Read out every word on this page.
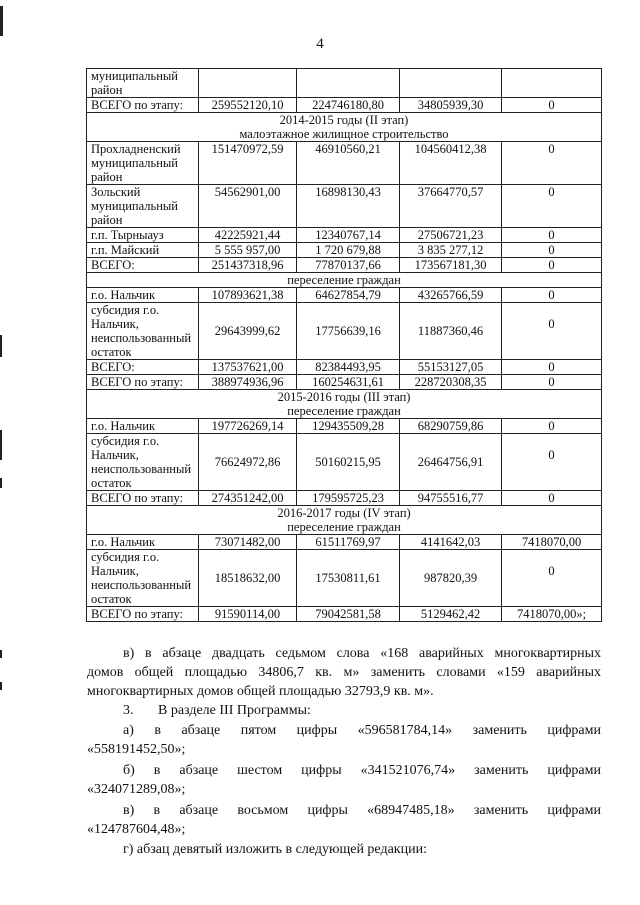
4
муниципальный район				
ВСЕГО по этапу:	259552120,10	224746180,80	34805939,30	0

2014-2015 годы (II этап)
малоэтажное жилищное строительство				

Прохладненский муниципальный район	151470972,59	46910560,21	104560412,38	0
Зольский муниципальный район	54562901,00	16898130,43	37664770,57	0
г.п. Тырныауз	42225921,44	12340767,14	27506721,23	0
г.п. Майский	5 555 957,00	1 720 679,88	3 835 277,12	0
ВСЕГО:	251437318,96	77870137,66	173567181,30	0

переселение граждан				

г.о. Нальчик	107893621,38	64627854,79	43265766,59	0
субсидия г.о. Нальчик, неиспользованный остаток	29643999,62	17756639,16	11887360,46	0
ВСЕГО:	137537621,00	82384493,95	55153127,05	0
ВСЕГО по этапу:	388974936,96	160254631,61	228720308,35	0

2015-2016 годы (III этап)
переселение граждан				

г.о. Нальчик	197726269,14	129435509,28	68290759,86	0
субсидия г.о. Нальчик, неиспользованный остаток	76624972,86	50160215,95	26464756,91	0
ВСЕГО по этапу:	274351242,00	179595725,23	94755516,77	0

2016-2017 годы (IV этап)
переселение граждан				

г.о. Нальчик	73071482,00	61511769,97	4141642,03	7418070,00
субсидия г.о. Нальчик, неиспользованный остаток	18518632,00	17530811,61	987820,39	0
ВСЕГО по этапу:	91590114,00	79042581,58	5129462,42	7418070,00»;
в) в абзаце двадцать седьмом слова «168 аварийных многоквартирных
домов общей площадью 34806,7 кв. м» заменить словами «159 аварийных
многоквартирных домов общей площадью 32793,9 кв. м».
3.       В разделе III Программы:
а) в абзаце пятом цифры «596581784,14» заменить цифрами
«558191452,50»;
б) в абзаце шестом цифры «341521076,74» заменить цифрами
«324071289,08»;
в) в абзаце восьмом цифры «68947485,18» заменить цифрами
«124787604,48»;
г) абзац девятый изложить в следующей редакции:
